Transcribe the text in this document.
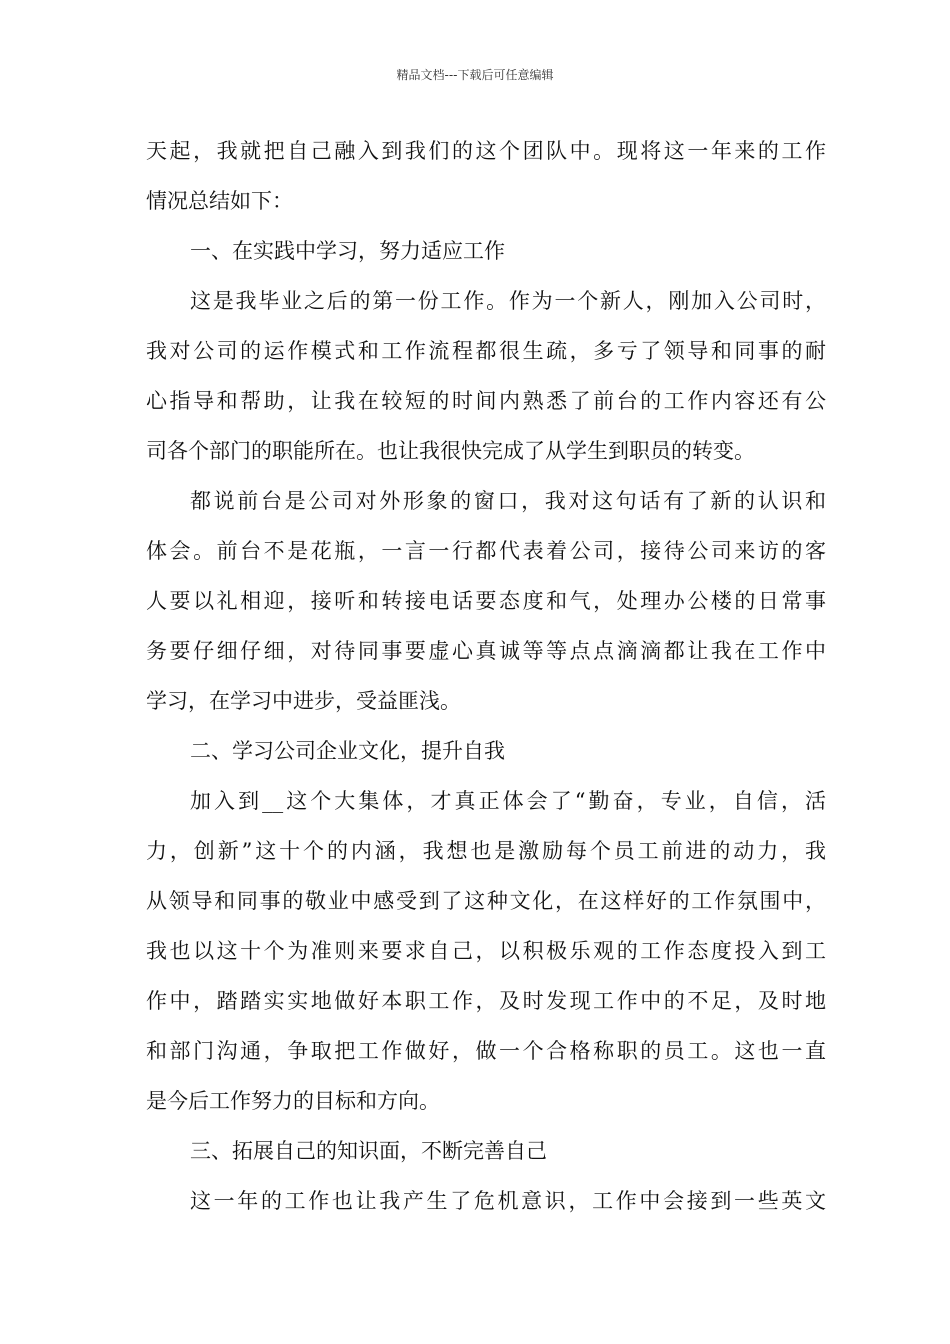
精品文档---下载后可任意编辑
天起，我就把自己融入到我们的这个团队中。现将这一年来的工作
情况总结如下：
一、在实践中学习，努力适应工作
这是我毕业之后的第一份工作。作为一个新人，刚加入公司时，
我对公司的运作模式和工作流程都很生疏，多亏了领导和同事的耐
心指导和帮助，让我在较短的时间内熟悉了前台的工作内容还有公
司各个部门的职能所在。也让我很快完成了从学生到职员的转变。
都说前台是公司对外形象的窗口，我对这句话有了新的认识和
体会。前台不是花瓶，一言一行都代表着公司，接待公司来访的客
人要以礼相迎，接听和转接电话要态度和气，处理办公楼的日常事
务要仔细仔细，对待同事要虚心真诚等等点点滴滴都让我在工作中
学习，在学习中进步，受益匪浅。
二、学习公司企业文化，提升自我
加入到__这个大集体，才真正体会了“勤奋，专业，自信，活
力，创新”这十个的内涵，我想也是激励每个员工前进的动力，我
从领导和同事的敬业中感受到了这种文化，在这样好的工作氛围中，
我也以这十个为准则来要求自己，以积极乐观的工作态度投入到工
作中，踏踏实实地做好本职工作，及时发现工作中的不足，及时地
和部门沟通，争取把工作做好，做一个合格称职的员工。这也一直
是今后工作努力的目标和方向。
三、拓展自己的知识面，不断完善自己
这一年的工作也让我产生了危机意识，工作中会接到一些英文
